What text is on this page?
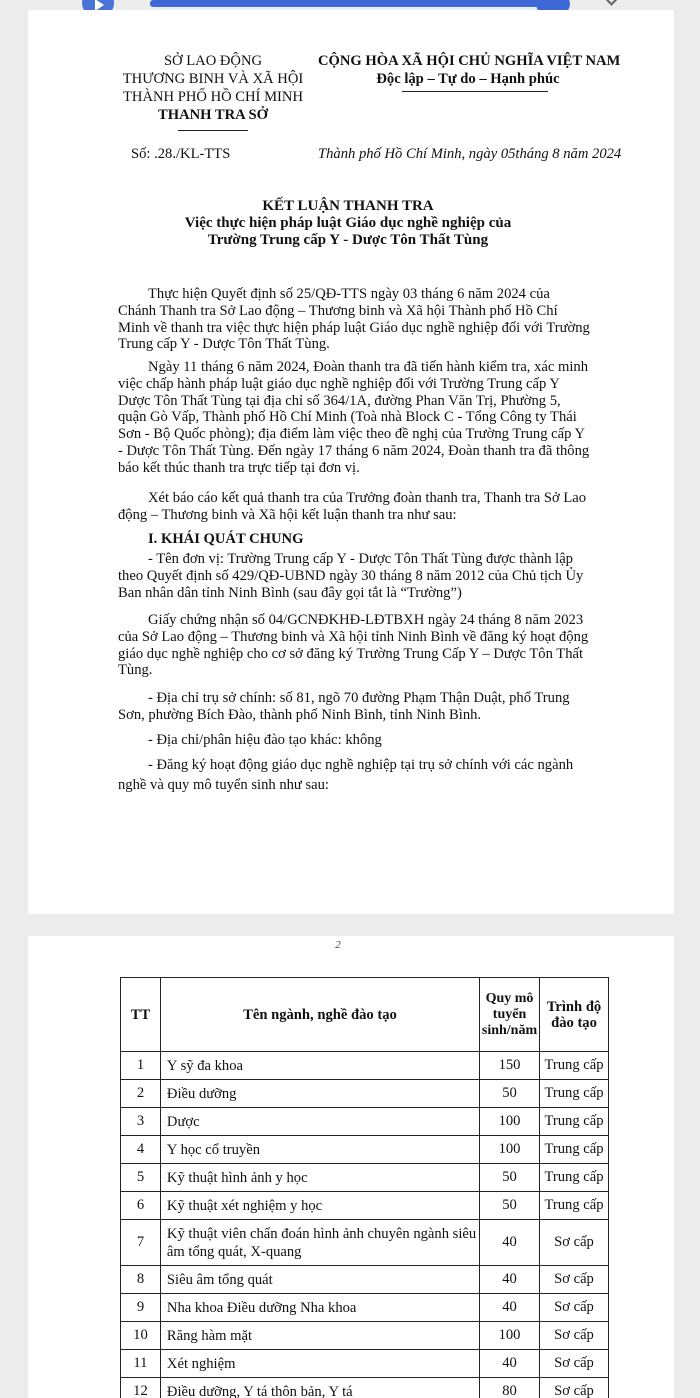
SỞ LAO ĐỘNG
THƯƠNG BINH VÀ XÃ HỘI
THÀNH PHỐ HỒ CHÍ MINH
THANH TRA SỞ
CỘNG HÒA XÃ HỘI CHỦ NGHĨA VIỆT NAM
Độc lập – Tự do – Hạnh phúc
Số: .28./KL-TTS	Thành phố Hồ Chí Minh, ngày 05tháng 8 năm 2024
KẾT LUẬN THANH TRA
Việc thực hiện pháp luật Giáo dục nghề nghiệp của
Trường Trung cấp Y - Dược Tôn Thất Tùng
Thực hiện Quyết định số 25/QĐ-TTS ngày 03 tháng 6 năm 2024 của
Chánh Thanh tra Sở Lao động – Thương binh và Xã hội Thành phố Hồ Chí
Minh về thanh tra việc thực hiện pháp luật Giáo dục nghề nghiệp đối với Trường
Trung cấp Y - Dược Tôn Thất Tùng.
Ngày 11 tháng 6 năm 2024, Đoàn thanh tra đã tiến hành kiểm tra, xác minh
việc chấp hành pháp luật giáo dục nghề nghiệp đối với Trường Trung cấp Y
Dược Tôn Thất Tùng tại địa chỉ số 364/1A, đường Phan Văn Trị, Phường 5,
quận Gò Vấp, Thành phố Hồ Chí Minh (Toà nhà Block C - Tổng Công ty Thái
Sơn - Bộ Quốc phòng); địa điểm làm việc theo đề nghị của Trường Trung cấp Y
- Dược Tôn Thất Tùng. Đến ngày 17 tháng 6 năm 2024, Đoàn thanh tra đã thông
báo kết thúc thanh tra trực tiếp tại đơn vị.
Xét báo cáo kết quả thanh tra của Trưởng đoàn thanh tra, Thanh tra Sở Lao
động – Thương binh và Xã hội kết luận thanh tra như sau:
I. KHÁI QUÁT CHUNG
- Tên đơn vị: Trường Trung cấp Y - Dược Tôn Thất Tùng được thành lập
theo Quyết định số 429/QĐ-UBND ngày 30 tháng 8 năm 2012 của Chủ tịch Ủy
Ban nhân dân tỉnh Ninh Bình (sau đây gọi tắt là “Trường”)
Giấy chứng nhận số 04/GCNĐKHĐ-LĐTBXH ngày 24 tháng 8 năm 2023
của Sở Lao động – Thương binh và Xã hội tỉnh Ninh Bình về đăng ký hoạt động
giáo dục nghề nghiệp cho cơ sở đăng ký Trường Trung Cấp Y – Dược Tôn Thất
Tùng.
- Địa chỉ trụ sở chính: số 81, ngõ 70 đường Phạm Thận Duật, phố Trung
Sơn, phường Bích Đào, thành phố Ninh Bình, tỉnh Ninh Bình.
- Địa chỉ/phân hiệu đào tạo khác: không
- Đăng ký hoạt động giáo dục nghề nghiệp tại trụ sở chính với các ngành
nghề và quy mô tuyển sinh như sau:
2
TT	Tên ngành, nghề đào tạo	Quy mô tuyển sinh/năm	Trình độ đào tạo
1	Y sỹ đa khoa	150	Trung cấp
2	Điều dưỡng	50	Trung cấp
3	Dược	100	Trung cấp
4	Y học cổ truyền	100	Trung cấp
5	Kỹ thuật hình ảnh y học	50	Trung cấp
6	Kỹ thuật xét nghiệm y học	50	Trung cấp
7	Kỹ thuật viên chẩn đoán hình ảnh chuyên ngành siêu âm tổng quát, X-quang	40	Sơ cấp
8	Siêu âm tổng quát	40	Sơ cấp
9	Nha khoa Điều dưỡng Nha khoa	40	Sơ cấp
10	Răng hàm mặt	100	Sơ cấp
11	Xét nghiệm	40	Sơ cấp
12	Điều dưỡng, Y tá thôn bản, Y tá	80	Sơ cấp
